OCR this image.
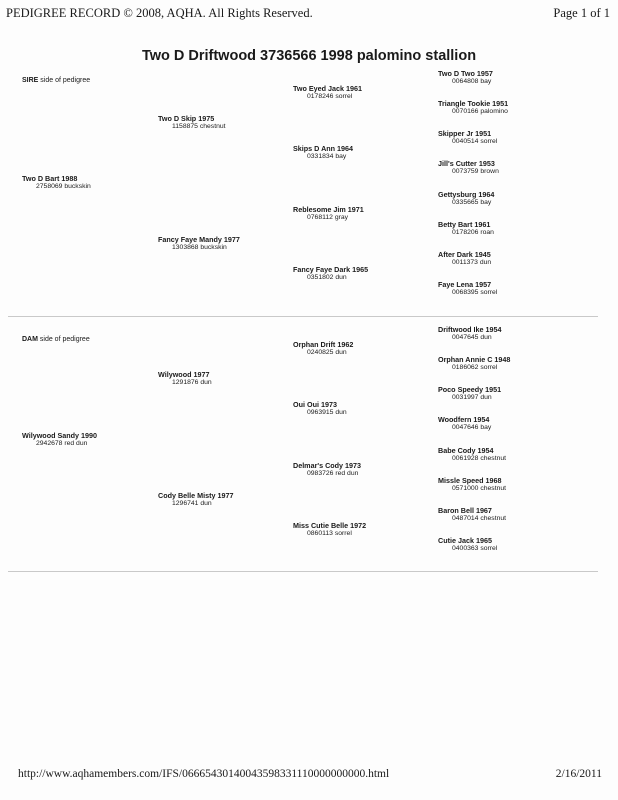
PEDIGREE RECORD © 2008, AQHA. All Rights Reserved.	Page 1 of 1
Two D Driftwood 3736566 1998 palomino stallion
SIRE side of pedigree
Two D Bart 1988
2758069 buckskin
Two D Skip 1975
1158875 chestnut
Fancy Faye Mandy 1977
1303868 buckskin
Two Eyed Jack 1961
0178246 sorrel
Skips D Ann 1964
0331834 bay
Reblesome Jim 1971
0768112 gray
Fancy Faye Dark 1965
0351802 dun
Two D Two 1957
0064808 bay
Triangle Tookie 1951
0070166 palomino
Skipper Jr 1951
0040514 sorrel
Jill's Cutter 1953
0073759 brown
Gettysburg 1964
0335665 bay
Betty Bart 1961
0178206 roan
After Dark 1945
0011373 dun
Faye Lena 1957
0068395 sorrel
DAM side of pedigree
Wilywood Sandy 1990
2942678 red dun
Wilywood 1977
1291876 dun
Cody Belle Misty 1977
1296741 dun
Orphan Drift 1962
0240825 dun
Oui Oui 1973
0963915 dun
Delmar's Cody 1973
0983726 red dun
Miss Cutie Belle 1972
0860113 sorrel
Driftwood Ike 1954
0047645 dun
Orphan Annie C 1948
0186062 sorrel
Poco Speedy 1951
0031997 dun
Woodfern 1954
0047646 bay
Babe Cody 1954
0061928 chestnut
Missle Speed 1968
0571000 chestnut
Baron Bell 1967
0487014 chestnut
Cutie Jack 1965
0400363 sorrel
http://www.aqhamembers.com/IFS/06665430140043598331110000000000.html	2/16/2011
